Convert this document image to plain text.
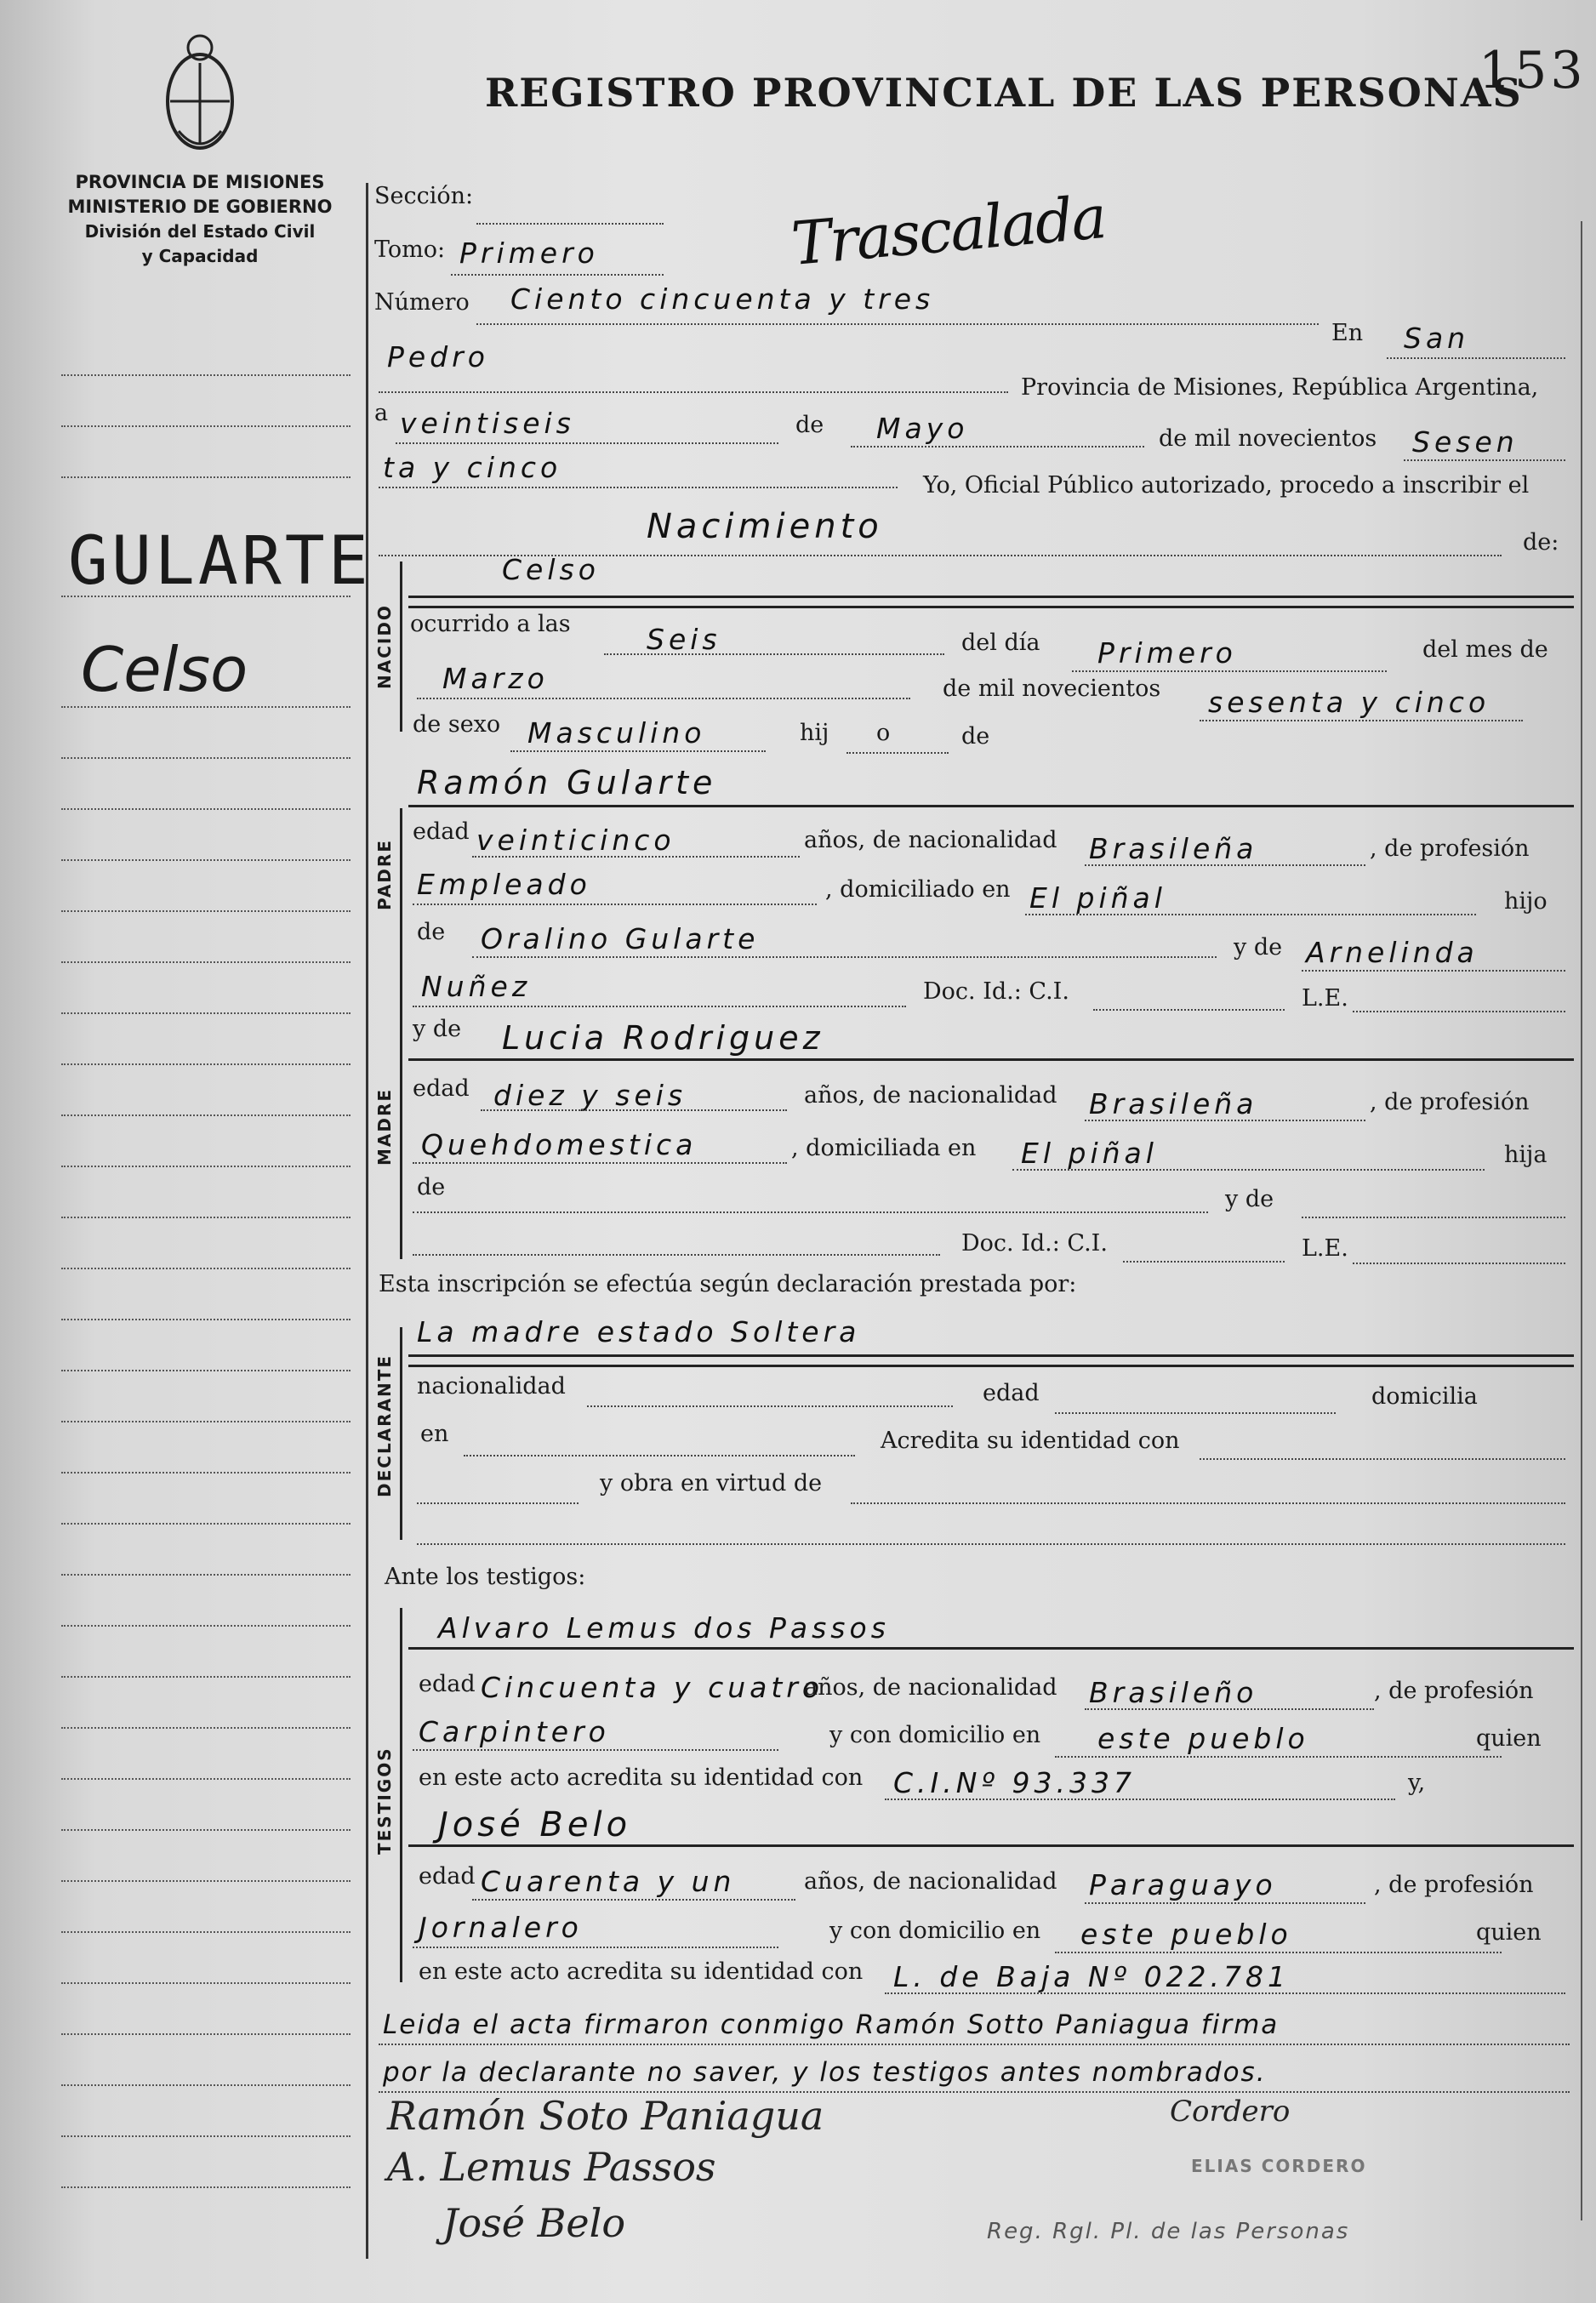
153
REGISTRO PROVINCIAL DE LAS PERSONAS
PROVINCIA DE MISIONES
MINISTERIO DE GOBIERNO
División del Estado Civil
y Capacidad	Trascalada
GULARTE
Celso
Sección:
Tomo: Primero
Número Ciento cincuenta y tres
En San
Pedro
Provincia de Misiones, República Argentina,
a veintiseis	de Mayo	de mil novecientos Sesen
ta y cinco
Yo, Oficial Público autorizado, procedo a inscribir el
Nacimiento	de:
NACIDO
Celso
ocurrido a las	Seis	del día Primero	del mes de
Marzo	de mil novecientos sesenta y cinco
de sexo Masculino	hij o	de
Ramón Gularte
PADRE
edad veinticinco	años, de nacionalidad Brasileña	, de profesión
Empleado	, domiciliado en El piñal	hijo
de Oralino Gularte	y de Arnelinda
Nuñez	Doc. Id.: C.I.	L.E.
MADRE
y de Lucia Rodriguez
edad diez y seis	años, de nacionalidad Brasileña	, de profesión
Quehdomestica	, domiciliada en El piñal	hija
de	y de
Doc. Id.: C.I.	L.E.
Esta inscripción se efectúa según declaración prestada por:
La madre estado Soltera
DECLARANTE nacionalidad	edad	domicilia
en	Acredita su identidad con
y obra en virtud de
Ante los testigos:
Alvaro Lemus dos Passos
TESTIGOS
edad Cincuenta y cuatro
años, de nacionalidad Brasileño	, de profesión
Carpintero	y con domicilio en este pueblo	quien
en este acto acredita su identidad con C.I.Nº 93.337	y,
José Belo
edad Cuarenta y un	años, de nacionalidad Paraguayo	, de profesión
Jornalero	y con domicilio en este pueblo	quien
en este acto acredita su identidad con L. de Baja Nº 022.781
Leida el acta firmaron conmigo Ramón Sotto Paniagua firma
por la declarante no saver, y los testigos antes nombrados.
Ramón Soto Paniagua	Cordero
A. Lemus Passos	ELIAS CORDERO
José Belo	Reg. Rgl. Pl. de las Personas
